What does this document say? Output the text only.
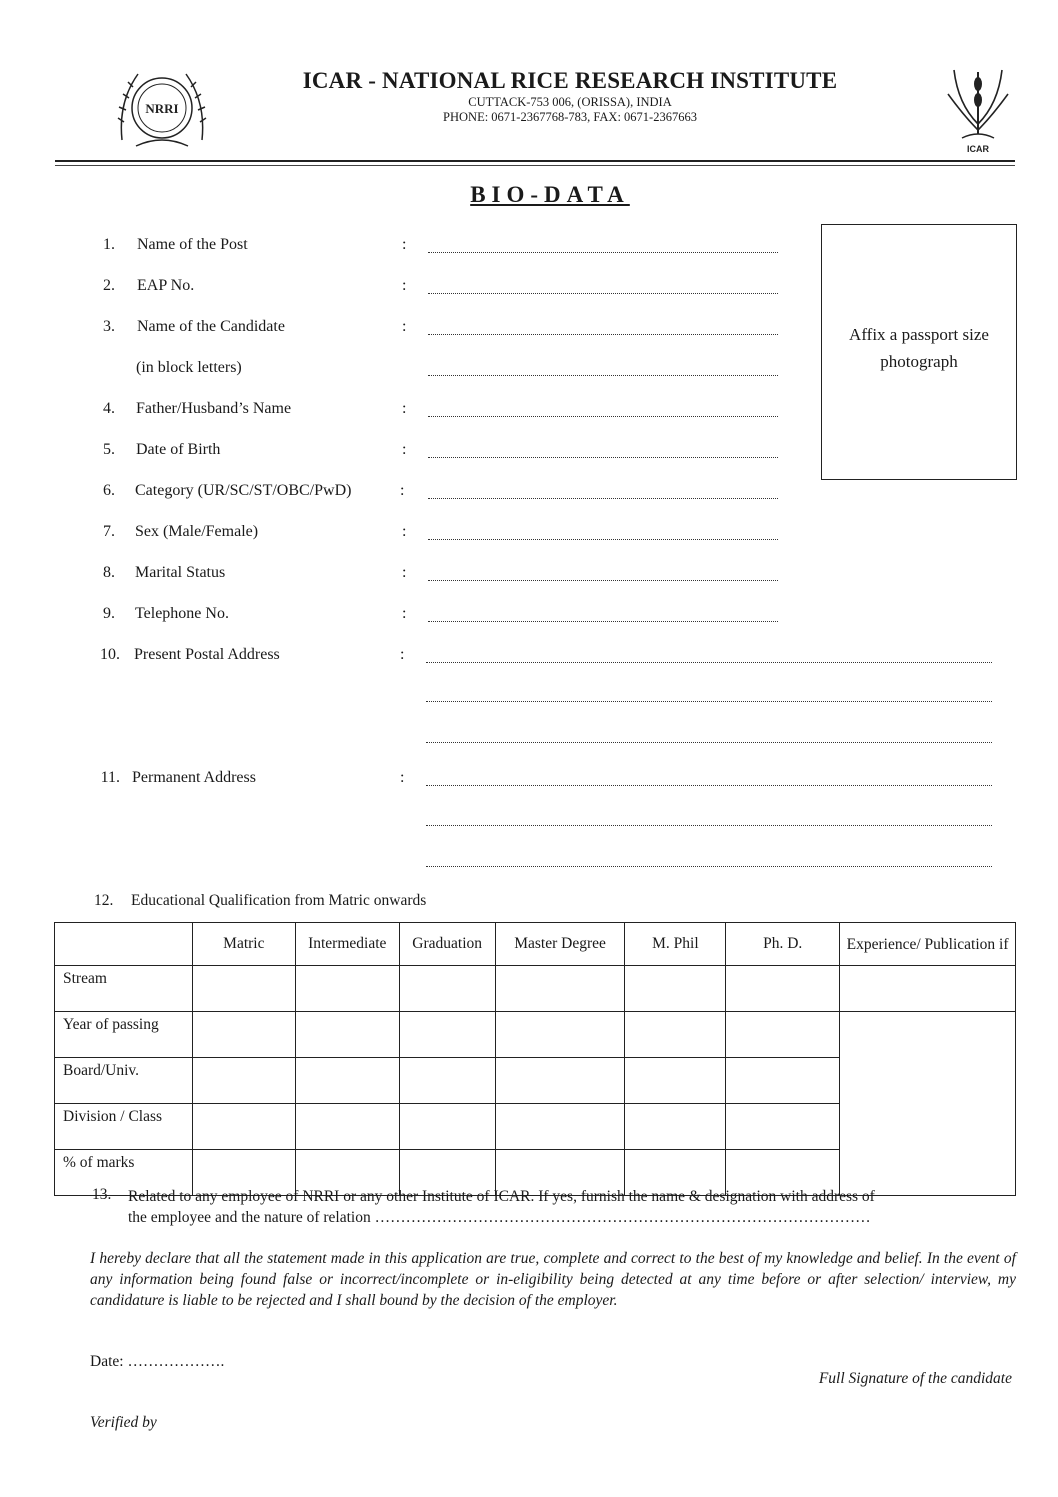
NRRI
ICAR
ICAR - NATIONAL RICE RESEARCH INSTITUTE
CUTTACK-753 006, (ORISSA), INDIA
PHONE: 0671-2367768-783, FAX: 0671-2367663
BIO-DATA
Affix a passport size
photograph
1. Name of the Post	:
2. EAP No.	:
3. Name of the Candidate	:
(in block letters)
4. Father/Husband’s Name	:
5. Date of Birth	:
6. Category (UR/SC/ST/OBC/PwD)	:
7. Sex (Male/Female)	:
8. Marital Status	:
9. Telephone No.	:
10. Present Postal Address	:
11. Permanent Address	:
12. Educational Qualification from Matric onwards
	Matric	Intermediate	Graduation	Master Degree	M. Phil	Ph. D.	Experience/ Publication if
Stream							
Year of passing							
Board/Univ.							
Division / Class							
% of marks							
13. Related to any employee of NRRI or any other Institute of ICAR. If yes, furnish the name & designation with address of
the employee and the nature of relation ……………………………………………………………………………………
I hereby declare that all the statement made in this application are true, complete and correct to the best of my knowledge and belief. In the event of any information being found false or incorrect/incomplete or in-eligibility being detected at any time before or after selection/ interview, my candidature is liable to be rejected and I shall bound by the decision of the employer.
Date: ……………….
Full Signature of the candidate
Verified by
